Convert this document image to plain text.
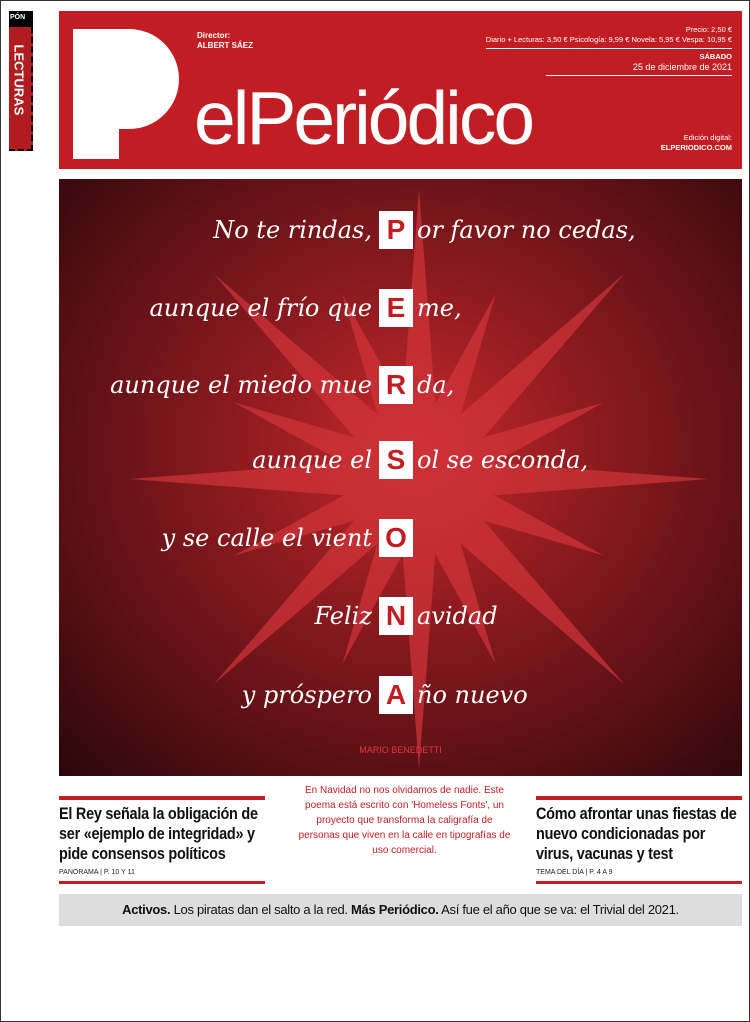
PÓN
LECTURAS
Director:
ALBERT SÁEZ
elPeriódico
Precio: 2,50 €
Diario + Lecturas: 3,50 € Psicología: 9,99 € Novela: 5,95 € Vespa: 10,95 €
SÁBADO
25 de diciembre de 2021
Edición digital:
ELPERIODICO.COM
No te rindas, P or favor no cedas,
aunque el frío que E me,
aunque el miedo mue R da,
aunque el S ol se esconda,
y se calle el vient O
Feliz N avidad
y próspero A ño nuevo
MARIO BENEDETTI
El Rey señala la obligación de ser «ejemplo de integridad» y pide consensos políticos
PANORAMA | P. 10 Y 11
En Navidad no nos olvidamos de nadie. Este poema está escrito con 'Homeless Fonts', un proyecto que transforma la caligrafía de personas que viven en la calle en tipografías de uso comercial.
Cómo afrontar unas fiestas de nuevo condicionadas por virus, vacunas y test
TEMA DEL DÍA | P. 4 A 9
Activos. Los piratas dan el salto a la red. Más Periódico. Así fue el año que se va: el Trivial del 2021.
